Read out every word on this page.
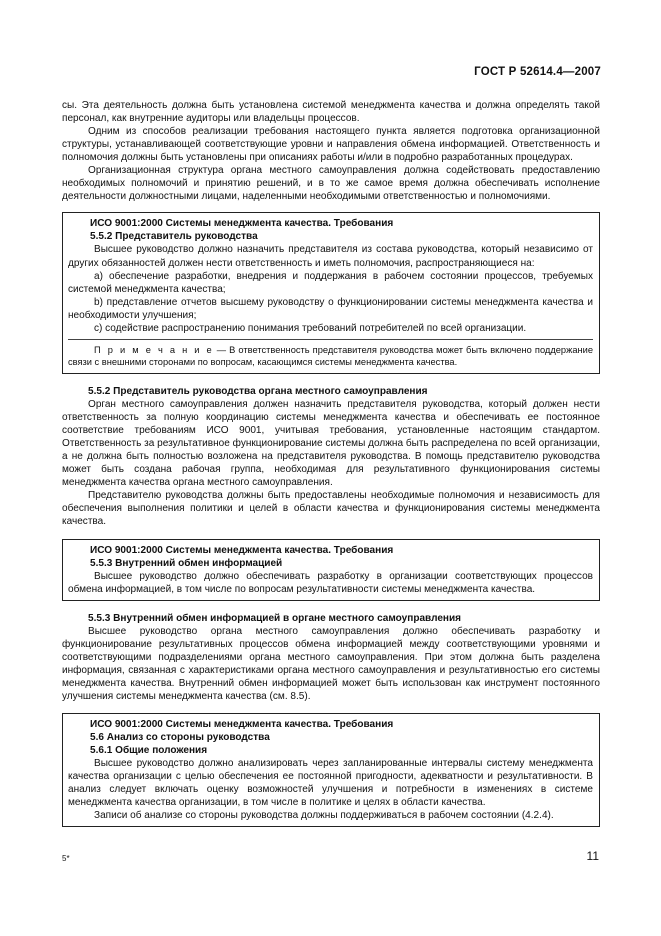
ГОСТ Р 52614.4—2007

сы. Эта деятельность должна быть установлена системой менеджмента качества и должна определять такой персонал, как внутренние аудиторы или владельцы процессов.

Одним из способов реализации требования настоящего пункта является подготовка организационной структуры, устанавливающей соответствующие уровни и направления обмена информацией. Ответственность и полномочия должны быть установлены при описаниях работы и/или в подробно разработанных процедурах.

Организационная структура органа местного самоуправления должна содействовать предоставлению необходимых полномочий и принятию решений, и в то же самое время должна обеспечивать исполнение деятельности должностными лицами, наделенными необходимыми ответственностью и полномочиями.

ИСО 9001:2000 Системы менеджмента качества. Требования

5.5.2 Представитель руководства

Высшее руководство должно назначить представителя из состава руководства, который независимо от других обязанностей должен нести ответственность и иметь полномочия, распространяющиеся на:

a) обеспечение разработки, внедрения и поддержания в рабочем состоянии процессов, требуемых системой менеджмента качества;

b) представление отчетов высшему руководству о функционировании системы менеджмента качества и необходимости улучшения;

c) содействие распространению понимания требований потребителей по всей организации.

П р и м е ч а н и е — В ответственность представителя руководства может быть включено поддержание связи с внешними сторонами по вопросам, касающимся системы менеджмента качества.

5.5.2 Представитель руководства органа местного самоуправления

Орган местного самоуправления должен назначить представителя руководства, который должен нести ответственность за полную координацию системы менеджмента качества и обеспечивать ее постоянное соответствие требованиям ИСО 9001, учитывая требования, установленные настоящим стандартом. Ответственность за результативное функционирование системы должна быть распределена по всей организации, а не должна быть полностью возложена на представителя руководства. В помощь представителю руководства может быть создана рабочая группа, необходимая для результативного функционирования системы менеджмента качества органа местного самоуправления.

Представителю руководства должны быть предоставлены необходимые полномочия и независимость для обеспечения выполнения политики и целей в области качества и функционирования системы менеджмента качества.

ИСО 9001:2000 Системы менеджмента качества. Требования

5.5.3 Внутренний обмен информацией

Высшее руководство должно обеспечивать разработку в организации соответствующих процессов обмена информацией, в том числе по вопросам результативности системы менеджмента качества.

5.5.3 Внутренний обмен информацией в органе местного самоуправления

Высшее руководство органа местного самоуправления должно обеспечивать разработку и функционирование результативных процессов обмена информацией между соответствующими уровнями и соответствующими подразделениями органа местного самоуправления. При этом должна быть разделена информация, связанная с характеристиками органа местного самоуправления и результативностью его системы менеджмента качества. Внутренний обмен информацией может быть использован как инструмент постоянного улучшения системы менеджмента качества (см. 8.5).

ИСО 9001:2000 Системы менеджмента качества. Требования

5.6 Анализ со стороны руководства

5.6.1 Общие положения

Высшее руководство должно анализировать через запланированные интервалы систему менеджмента качества организации с целью обеспечения ее постоянной пригодности, адекватности и результативности. В анализ следует включать оценку возможностей улучшения и потребности в изменениях в системе менеджмента качества организации, в том числе в политике и целях в области качества.

Записи об анализе со стороны руководства должны поддерживаться в рабочем состоянии (4.2.4).

5*	11
